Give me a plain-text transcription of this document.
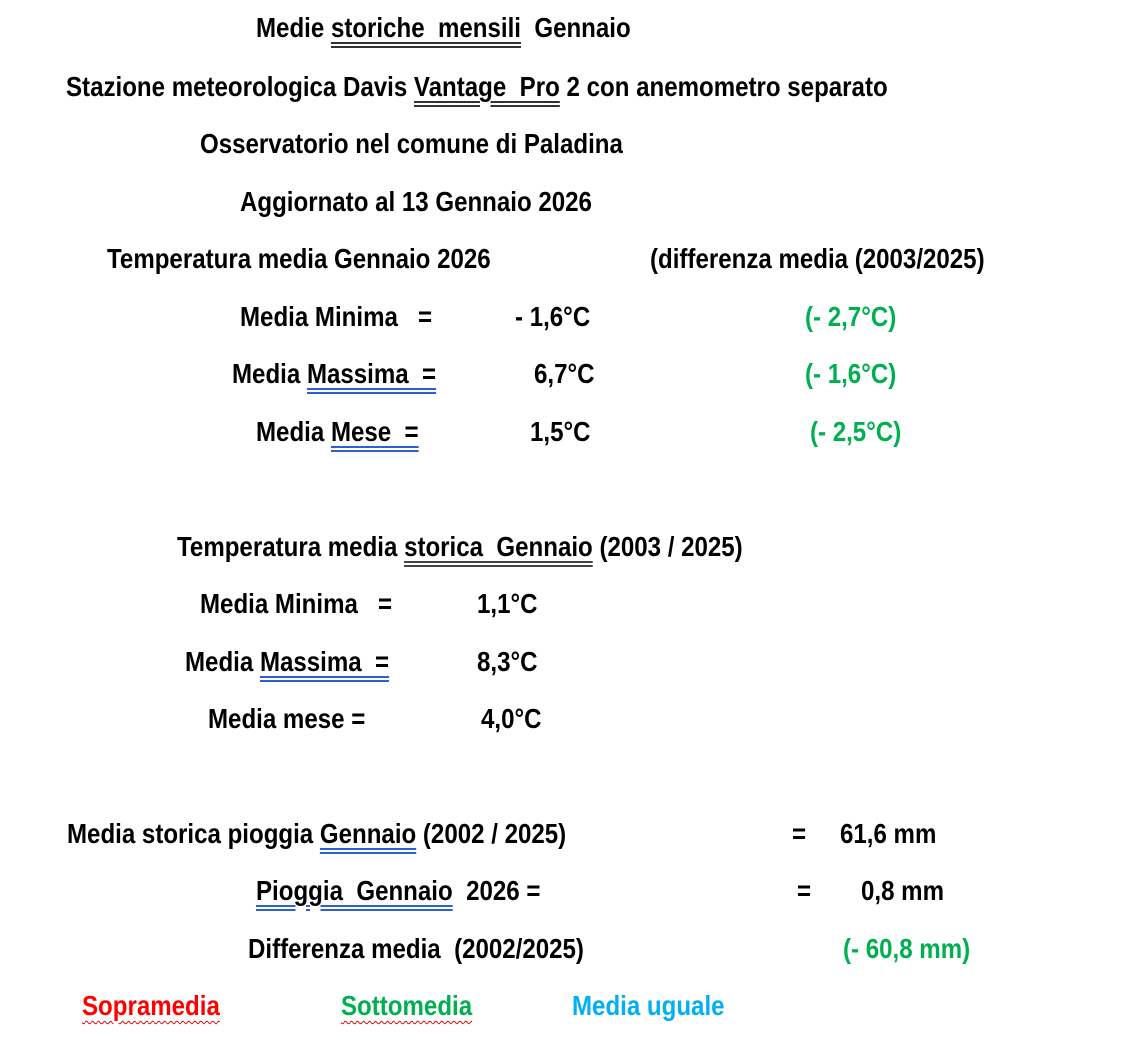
Medie storiche  mensili  Gennaio
Stazione meteorologica Davis Vantage  Pro 2 con anemometro separato
Osservatorio nel comune di Paladina
Aggiornato al 13 Gennaio 2026
Temperatura media Gennaio 2026	(differenza media (2003/2025)
Media Minima =	- 1,6°C	(- 2,7°C)
Media Massima  =	6,7°C	(- 1,6°C)
Media Mese  =	1,5°C	(- 2,5°C)
Temperatura media storica  Gennaio (2003 / 2025)
Media Minima =	1,1°C
Media Massima  =	8,3°C
Media mese =	4,0°C
Media storica pioggia Gennaio (2002 / 2025)	= 61,6 mm
Pioggia  Gennaio  2026 =	= 0,8 mm
Differenza media  (2002/2025)	(- 60,8 mm)
Sopramedia	Sottomedia	Media uguale
